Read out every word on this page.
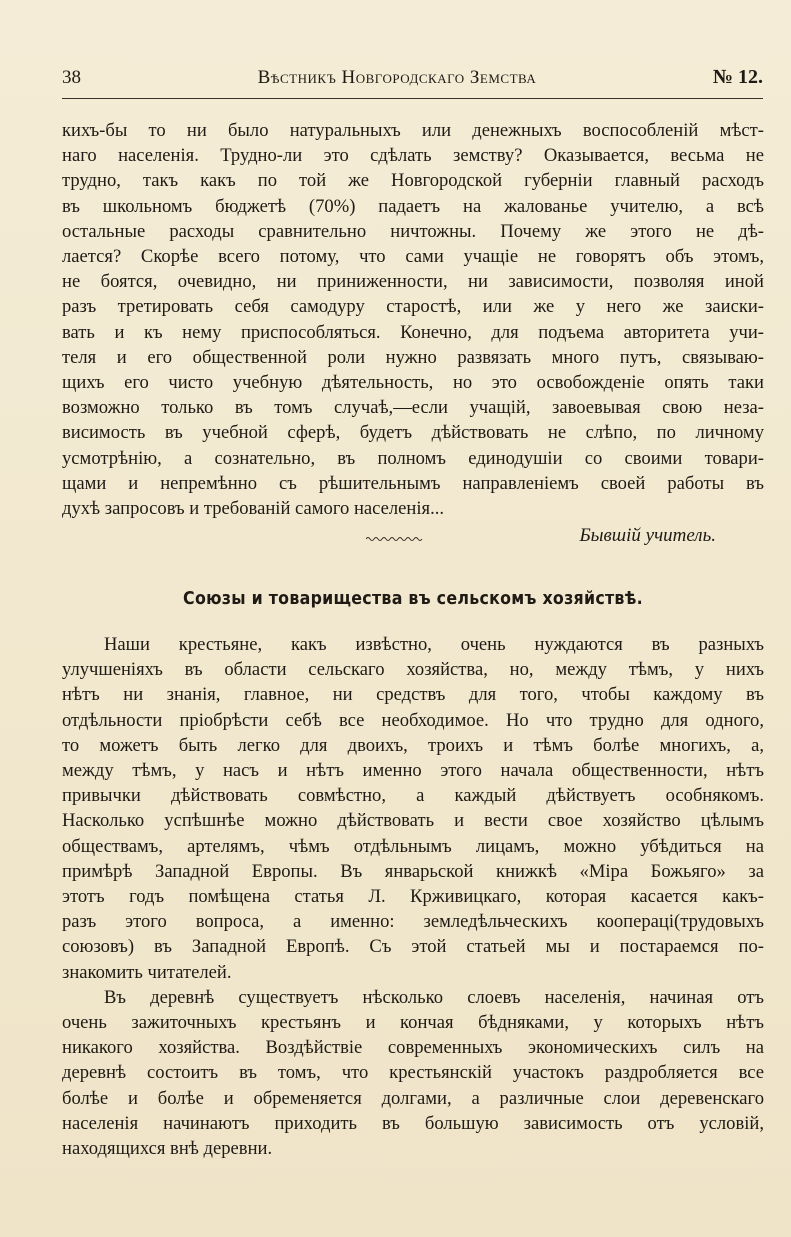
38	Вѣстникъ Новгородскаго Земства	№ 12.
кихъ-бы то ни было натуральныхъ или денежныхъ воспособленій мѣст-
наго населенія. Трудно-ли это сдѣлать земству? Оказывается, весьма не
трудно, такъ какъ по той же Новгородской губерніи главный расходъ
въ школьномъ бюджетѣ (70%) падаетъ на жалованье учителю, а всѣ
остальные расходы сравнительно ничтожны. Почему же этого не дѣ-
лается? Скорѣе всего потому, что сами учащіе не говорятъ объ этомъ,
не боятся, очевидно, ни приниженности, ни зависимости, позволяя иной
разъ третировать себя самодуру старостѣ, или же у него же заиски-
вать и къ нему приспособляться. Конечно, для подъема авторитета учи-
теля и его общественной роли нужно развязать много путъ, связываю-
щихъ его чисто учебную дѣятельность, но это освобожденіе опять таки
возможно только въ томъ случаѣ,—если учащій, завоевывая свою неза-
висимость въ учебной сферѣ, будетъ дѣйствовать не слѣпо, по личному
усмотрѣнію, а сознательно, въ полномъ единодушіи со своими товари-
щами и непремѣнно съ рѣшительнымъ направленіемъ своей работы въ
духѣ запросовъ и требованій самого населенія...
Бывшій учитель.
Союзы и товарищества въ сельскомъ хозяйствѣ.
Наши крестьяне, какъ извѣстно, очень нуждаются въ разныхъ
улучшеніяхъ въ области сельскаго хозяйства, но, между тѣмъ, у нихъ
нѣтъ ни знанія, главное, ни средствъ для того, чтобы каждому въ
отдѣльности пріобрѣсти себѣ все необходимое. Но что трудно для одного,
то можетъ быть легко для двоихъ, троихъ и тѣмъ болѣе многихъ, а,
между тѣмъ, у насъ и нѣтъ именно этого начала общественности, нѣтъ
привычки дѣйствовать совмѣстно, а каждый дѣйствуетъ особнякомъ.
Насколько успѣшнѣе можно дѣйствовать и вести свое хозяйство цѣлымъ
обществамъ, артелямъ, чѣмъ отдѣльнымъ лицамъ, можно убѣдиться на
примѣрѣ Западной Европы. Въ январьской книжкѣ «Міра Божьяго» за
этотъ годъ помѣщена статья Л. Крживицкаго, которая касается какъ-
разъ этого вопроса, а именно: земледѣльческихъ коопераці(трудовыхъ
союзовъ) въ Западной Европѣ. Съ этой статьей мы и постараемся по-
знакомить читателей.
Въ деревнѣ существуетъ нѣсколько слоевъ населенія, начиная отъ
очень зажиточныхъ крестьянъ и кончая бѣдняками, у которыхъ нѣтъ
никакого хозяйства. Воздѣйствіе современныхъ экономическихъ силъ на
деревнѣ состоитъ въ томъ, что крестьянскій участокъ раздробляется все
болѣе и болѣе и обременяется долгами, а различные слои деревенскаго
населенія начинаютъ приходить въ большую зависимость отъ условій,
находящихся внѣ деревни.
